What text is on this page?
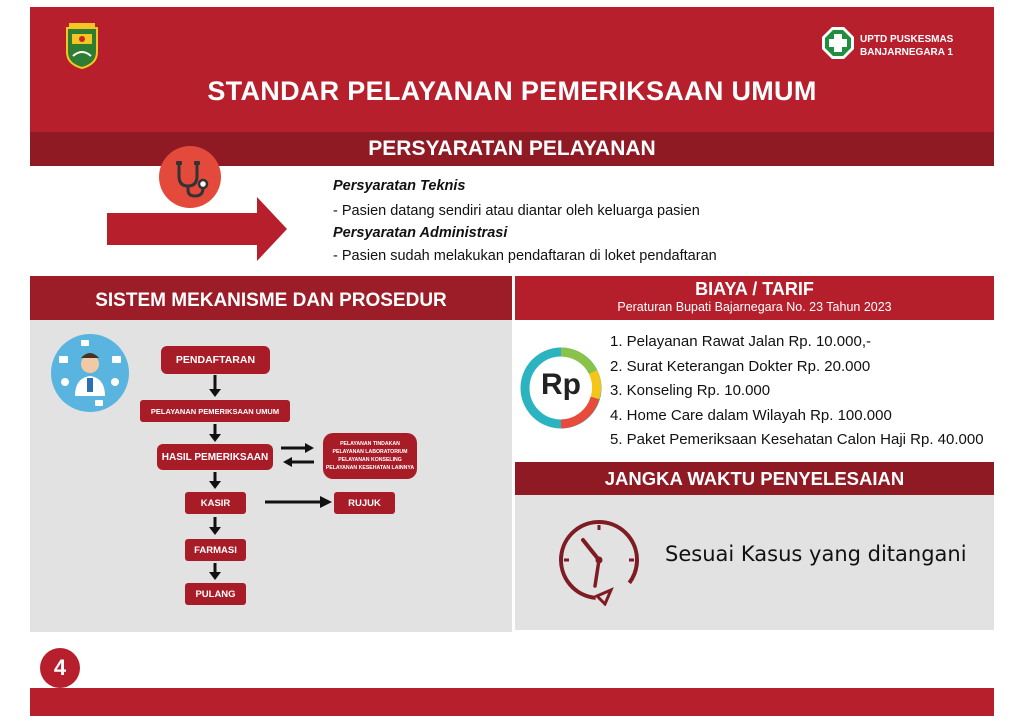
UPTD PUSKESMAS
BANJARNEGARA 1
STANDAR PELAYANAN PEMERIKSAAN UMUM
PERSYARATAN PELAYANAN
Persyaratan Teknis
- Pasien datang sendiri atau diantar oleh keluarga pasien
Persyaratan Administrasi
- Pasien sudah melakukan pendaftaran di loket pendaftaran
SISTEM MEKANISME DAN PROSEDUR
PENDAFTARAN
PELAYANAN PEMERIKSAAN UMUM
HASIL PEMERIKSAAN
KASIR
FARMASI
PULANG
RUJUK
PELAYANAN TINDAKAN
PELAYANAN LABORATORIUM
PELAYANAN KONSELING
PELAYANAN KESEHATAN LAINNYA
BIAYA / TARIF
Peraturan Bupati Bajarnegara No. 23 Tahun 2023
Rp
1. Pelayanan Rawat Jalan Rp. 10.000,-
2. Surat Keterangan Dokter Rp. 20.000
3. Konseling Rp. 10.000
4. Home Care dalam Wilayah Rp. 100.000
5. Paket Pemeriksaan Kesehatan Calon Haji Rp. 40.000
JANGKA WAKTU PENYELESAIAN
Sesuai Kasus yang ditangani
4
